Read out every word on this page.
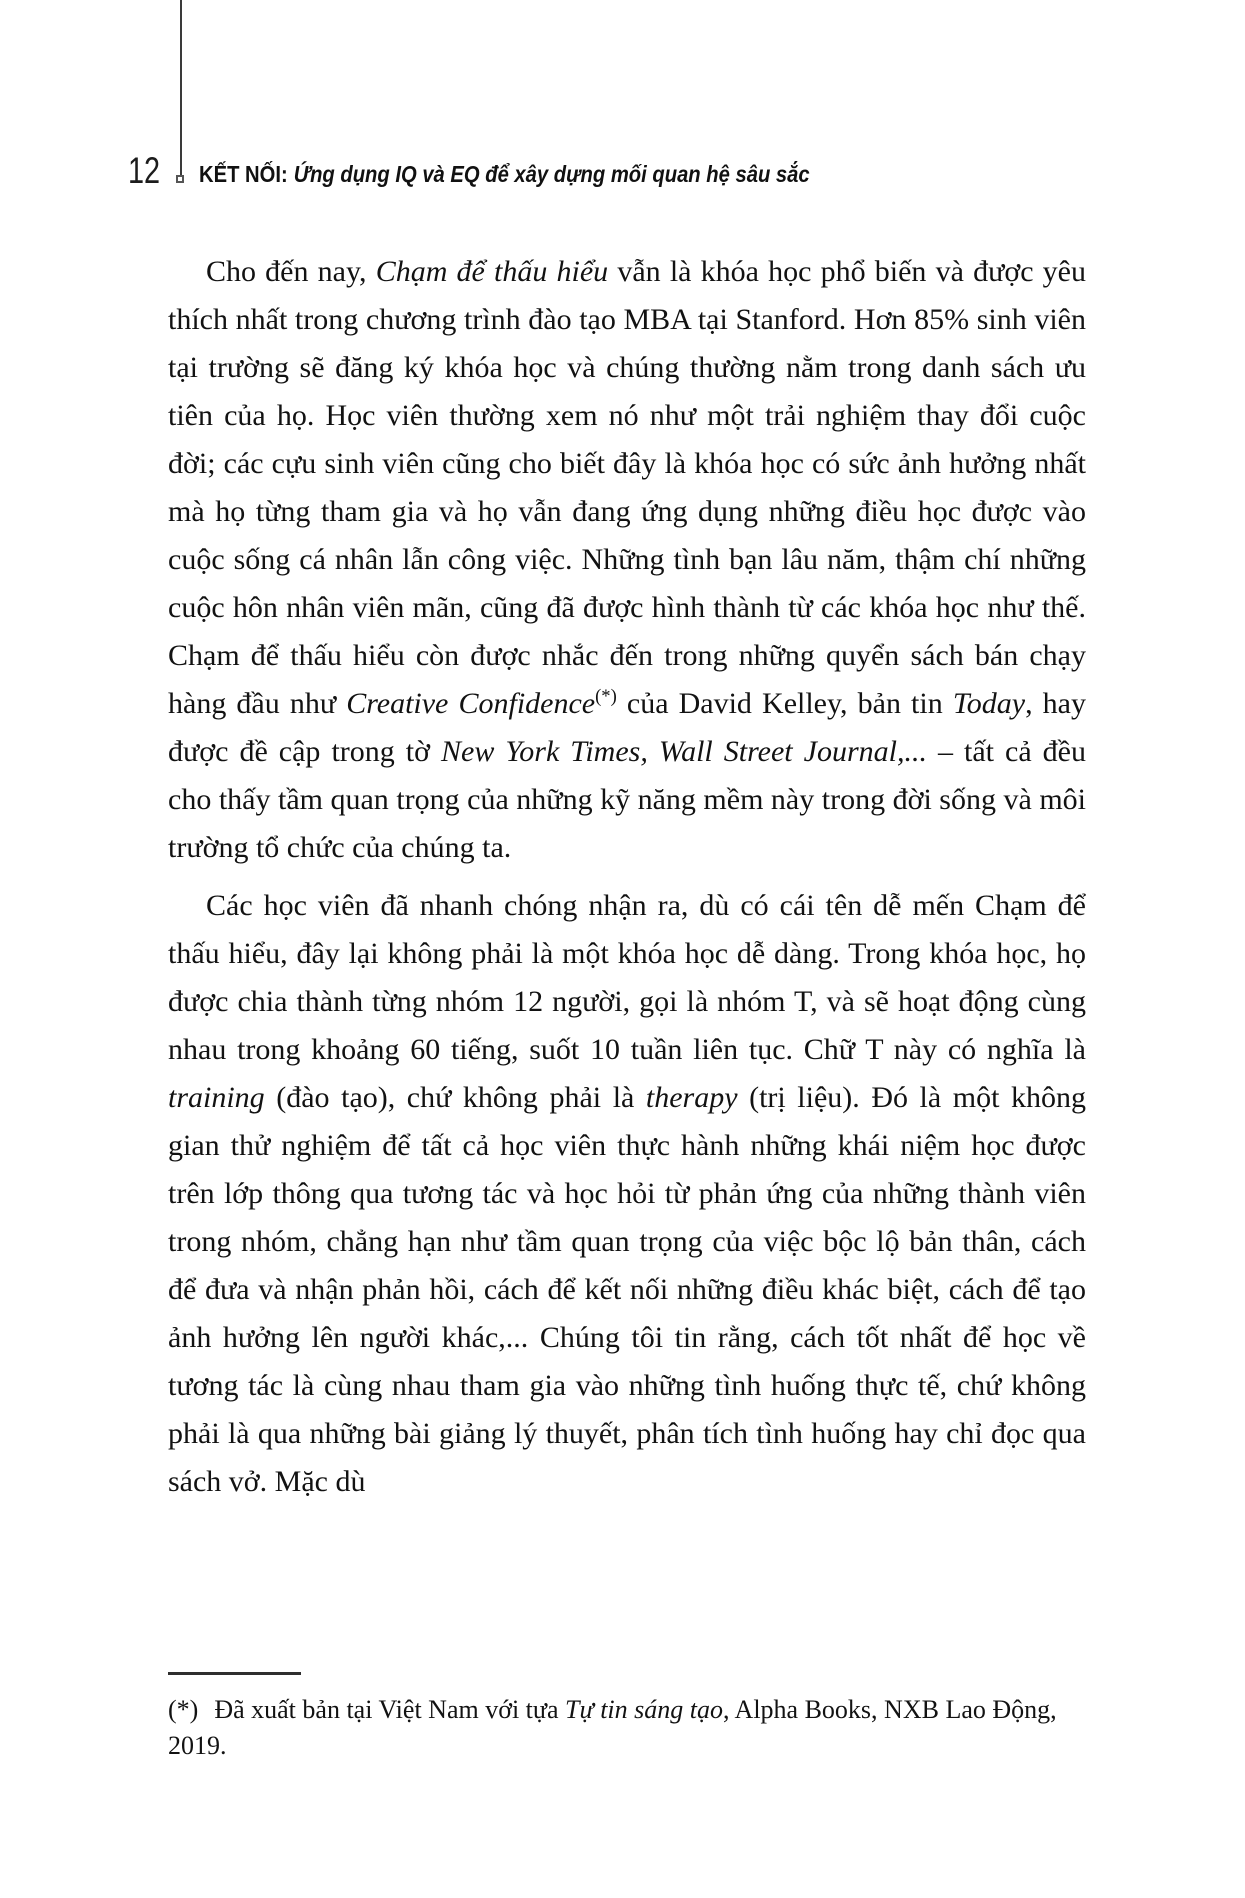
12 KẾT NỐI: Ứng dụng IQ và EQ để xây dựng mối quan hệ sâu sắc

Cho đến nay, Chạm để thấu hiểu vẫn là khóa học phổ biến và được yêu thích nhất trong chương trình đào tạo MBA tại Stanford. Hơn 85% sinh viên tại trường sẽ đăng ký khóa học và chúng thường nằm trong danh sách ưu tiên của họ. Học viên thường xem nó như một trải nghiệm thay đổi cuộc đời; các cựu sinh viên cũng cho biết đây là khóa học có sức ảnh hưởng nhất mà họ từng tham gia và họ vẫn đang ứng dụng những điều học được vào cuộc sống cá nhân lẫn công việc. Những tình bạn lâu năm, thậm chí những cuộc hôn nhân viên mãn, cũng đã được hình thành từ các khóa học như thế. Chạm để thấu hiểu còn được nhắc đến trong những quyển sách bán chạy hàng đầu như Creative Confidence(*) của David Kelley, bản tin Today, hay được đề cập trong tờ New York Times, Wall Street Journal,... – tất cả đều cho thấy tầm quan trọng của những kỹ năng mềm này trong đời sống và môi trường tổ chức của chúng ta.

Các học viên đã nhanh chóng nhận ra, dù có cái tên dễ mến Chạm để thấu hiểu, đây lại không phải là một khóa học dễ dàng. Trong khóa học, họ được chia thành từng nhóm 12 người, gọi là nhóm T, và sẽ hoạt động cùng nhau trong khoảng 60 tiếng, suốt 10 tuần liên tục. Chữ T này có nghĩa là training (đào tạo), chứ không phải là therapy (trị liệu). Đó là một không gian thử nghiệm để tất cả học viên thực hành những khái niệm học được trên lớp thông qua tương tác và học hỏi từ phản ứng của những thành viên trong nhóm, chẳng hạn như tầm quan trọng của việc bộc lộ bản thân, cách để đưa và nhận phản hồi, cách để kết nối những điều khác biệt, cách để tạo ảnh hưởng lên người khác,... Chúng tôi tin rằng, cách tốt nhất để học về tương tác là cùng nhau tham gia vào những tình huống thực tế, chứ không phải là qua những bài giảng lý thuyết, phân tích tình huống hay chỉ đọc qua sách vở. Mặc dù

(*) Đã xuất bản tại Việt Nam với tựa Tự tin sáng tạo, Alpha Books, NXB Lao Động, 2019.
